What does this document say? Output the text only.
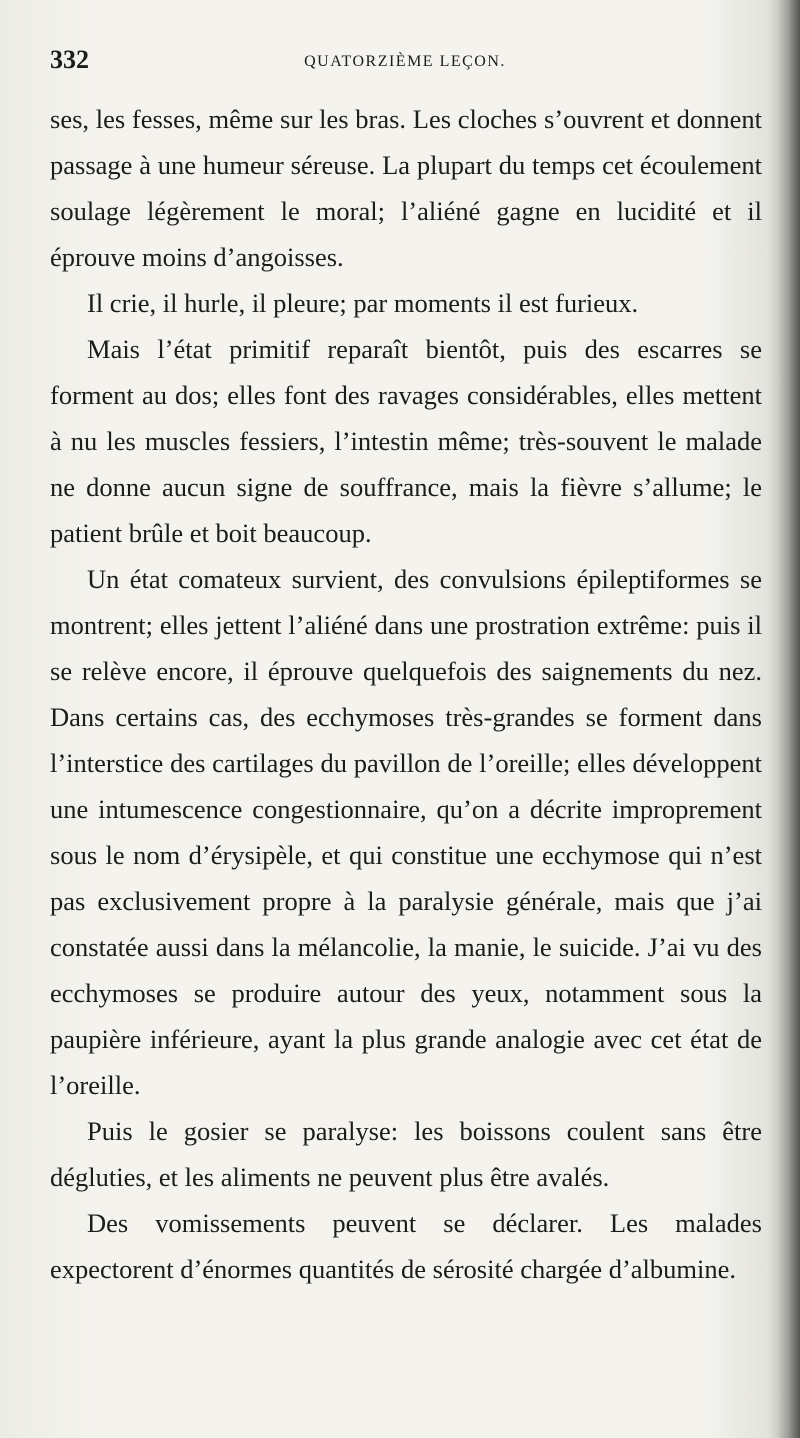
332	QUATORZIÈME LEÇON.

ses, les fesses, même sur les bras. Les cloches s’ouvrent et donnent passage à une humeur séreuse. La plupart du temps cet écoulement soulage légèrement le moral; l’aliéné gagne en lucidité et il éprouve moins d’angoisses.

Il crie, il hurle, il pleure; par moments il est furieux.

Mais l’état primitif reparaît bientôt, puis des escarres se forment au dos; elles font des ravages considérables, elles mettent à nu les muscles fessiers, l’intestin même; très-souvent le malade ne donne aucun signe de souffrance, mais la fièvre s’allume; le patient brûle et boit beaucoup.

Un état comateux survient, des convulsions épileptiformes se montrent; elles jettent l’aliéné dans une prostration extrême: puis il se relève encore, il éprouve quelquefois des saignements du nez. Dans certains cas, des ecchymoses très-grandes se forment dans l’interstice des cartilages du pavillon de l’oreille; elles développent une intumescence congestionnaire, qu’on a décrite improprement sous le nom d’érysipèle, et qui constitue une ecchymose qui n’est pas exclusivement propre à la paralysie générale, mais que j’ai constatée aussi dans la mélancolie, la manie, le suicide. J’ai vu des ecchymoses se produire autour des yeux, notamment sous la paupière inférieure, ayant la plus grande analogie avec cet état de l’oreille.

Puis le gosier se paralyse: les boissons coulent sans être dégluties, et les aliments ne peuvent plus être avalés.

Des vomissements peuvent se déclarer. Les malades expectorent d’énormes quantités de sérosité chargée d’albumine.
